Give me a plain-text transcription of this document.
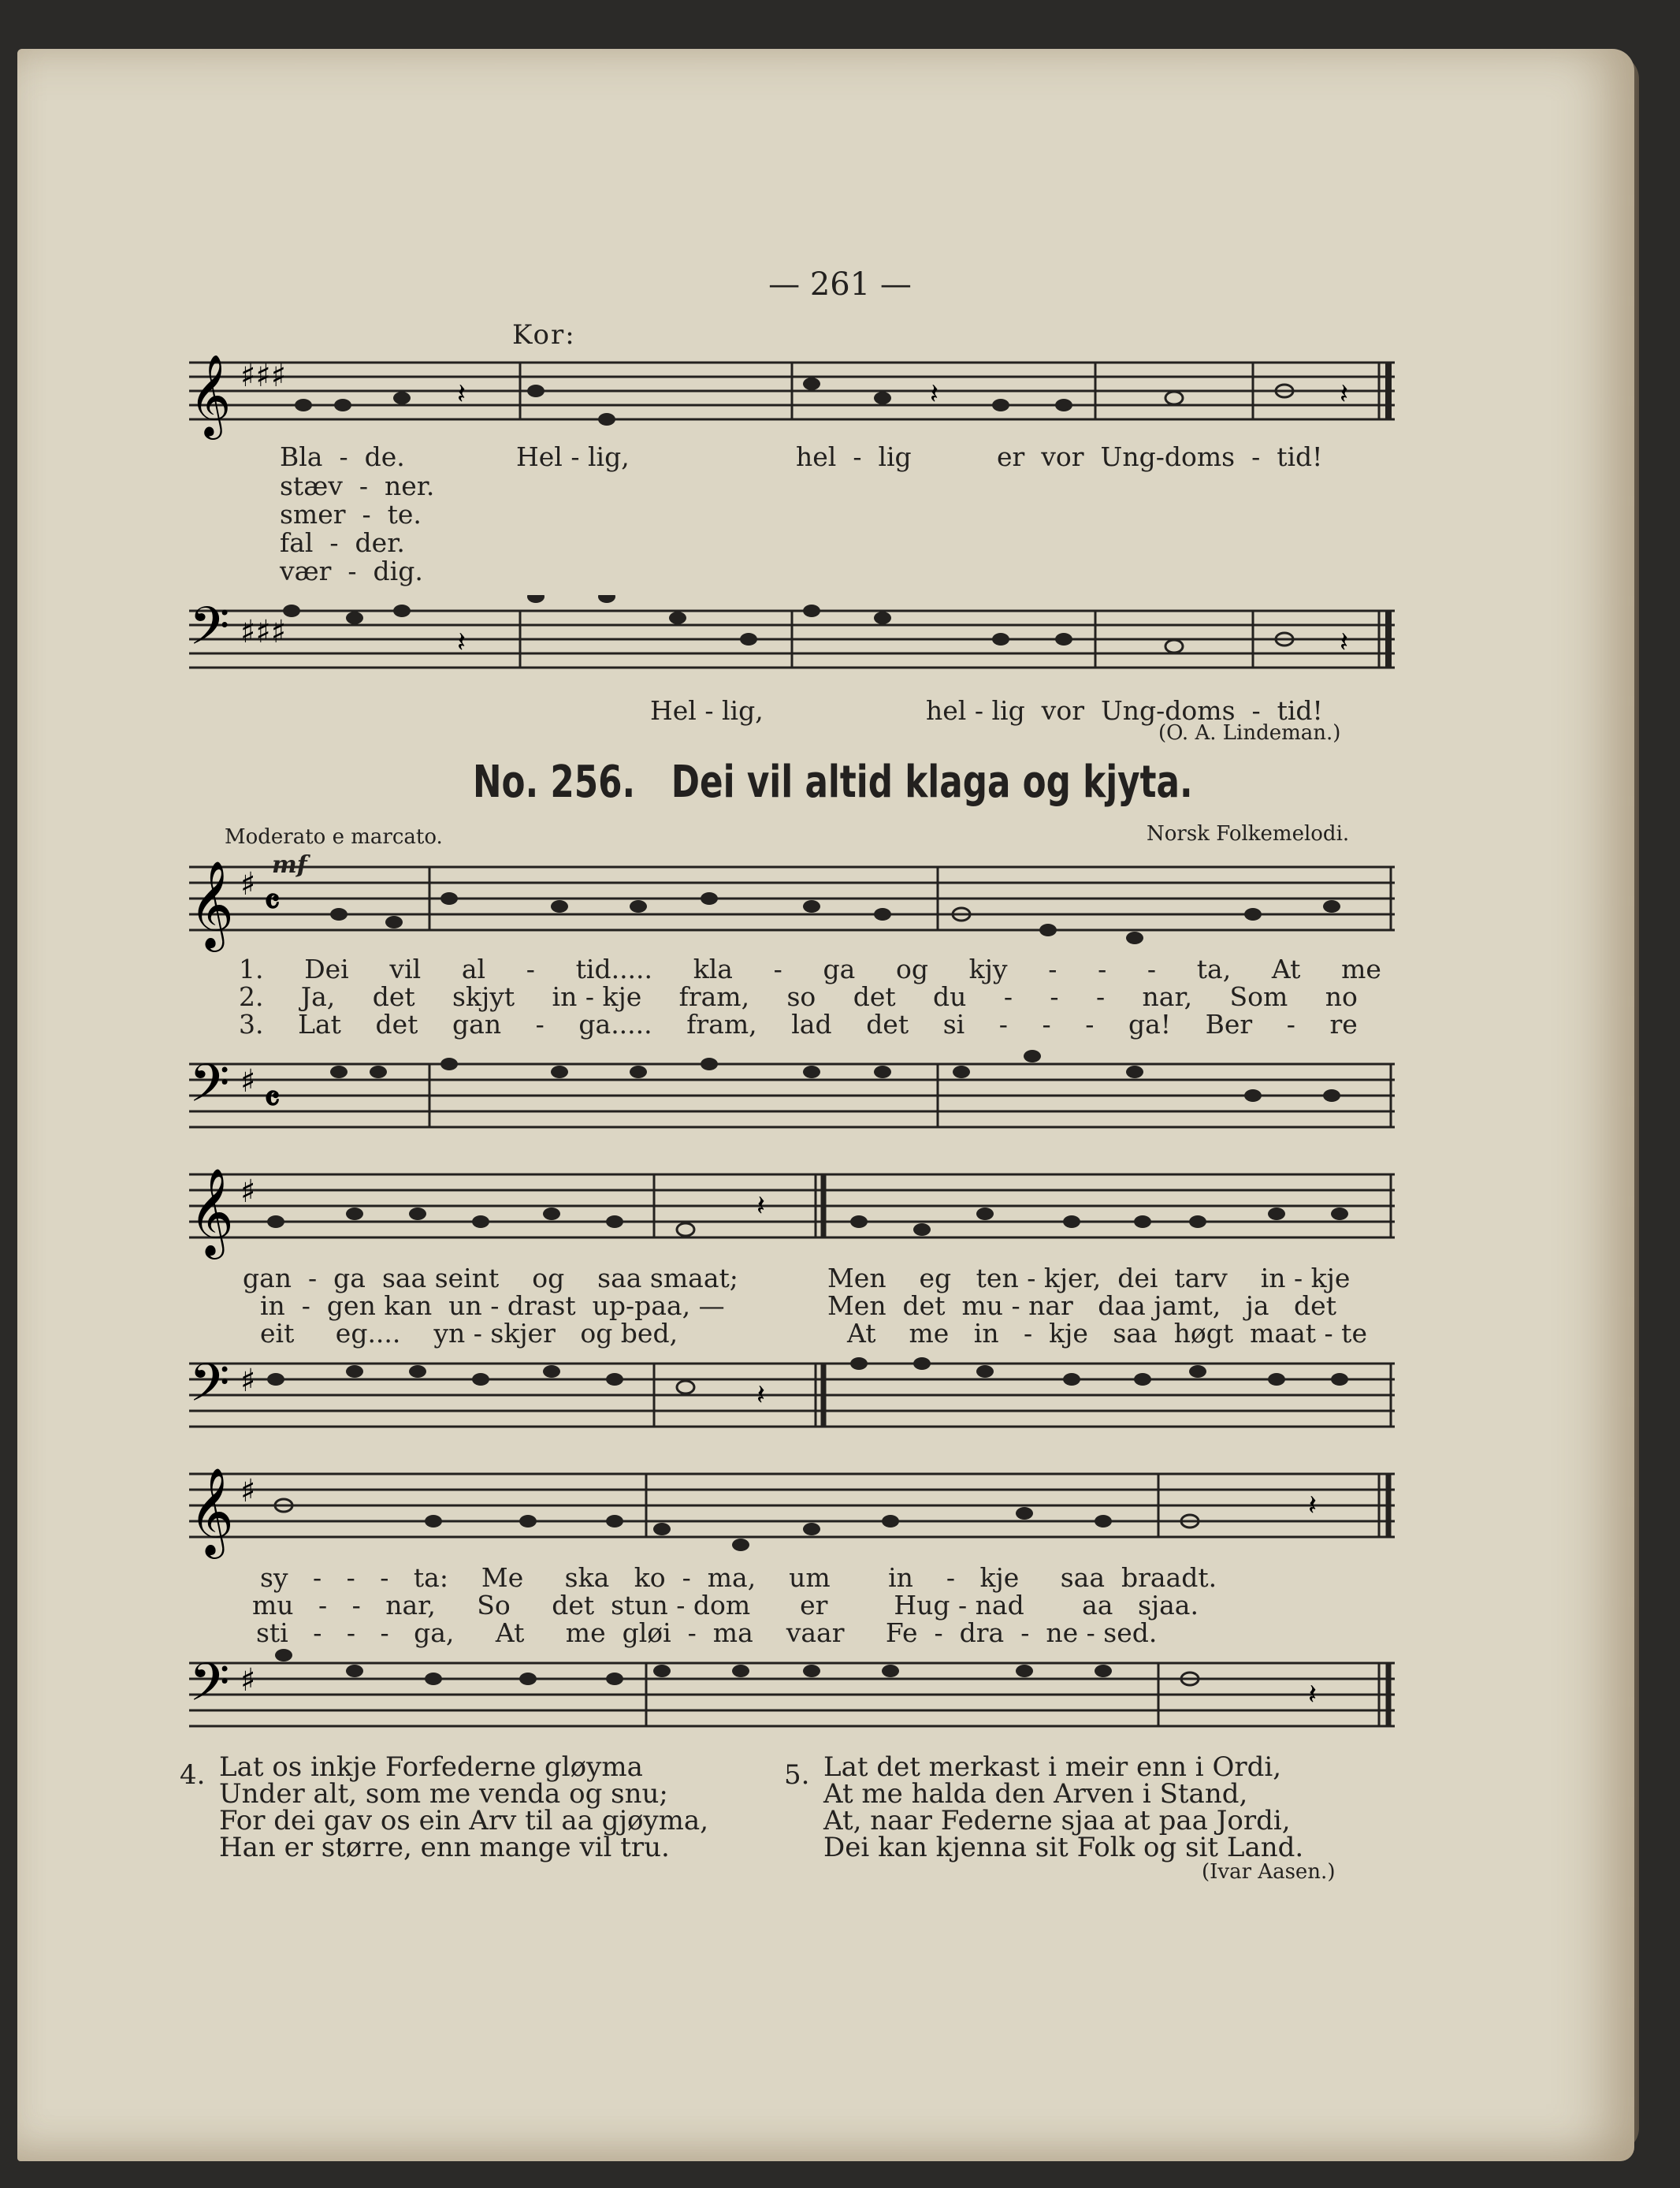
— 261 —
Kor:
𝄞 ♯♯♯
𝄽	𝄽	𝄽
Bla  -  de.	Hel - lig,	hel  -  lig	er  vor  Ung-doms  -  tid!
stæv  -  ner.
smer  -  te.
fal  -  der.
vær  -  dig.
𝄢 ♯♯♯	𝄽	𝄽
Hel - lig,	hel - lig  vor  Ung-doms  -  tid!
(O. A. Lindeman.)
No. 256.   Dei vil altid klaga og kjyta.
Moderato e marcato.	Norsk Folkemelodi.
mf
𝄞 ♯ 𝄴
1. Dei vil al - tid..... kla - ga og kjy - - - ta, At me
2. Ja, det skjyt in - kje fram, so det du - - - nar, Som no
3. Lat det gan - ga..... fram, lad det si - - - ga! Ber - re
𝄢 ♯ 𝄴
𝄞 ♯	𝄽
gan  -  ga  saa seint    og    saa smaat;
in  -  gen kan  un - drast  up-paa, —
eit     eg....    yn - skjer   og bed,
Men    eg   ten - kjer,  dei  tarv    in - kje
Men  det  mu - nar   daa jamt,   ja   det
At    me   in   -  kje   saa  høgt  maat - te
𝄢 ♯	𝄽
𝄞 ♯	𝄽
sy   -   -   -   ta:    Me     ska   ko  -  ma,    um       in    -   kje     saa  braadt.
mu   -   -   nar,     So     det  stun - dom      er        Hug - nad       aa   sjaa.
sti   -   -   -   ga,     At     me  gløi  -  ma    vaar     Fe  -  dra  -  ne - sed.
𝄢 ♯	𝄽
4. Lat os inkje Forfederne gløyma
Under alt, som me venda og snu;
For dei gav os ein Arv til aa gjøyma,
Han er større, enn mange vil tru.
5. Lat det merkast i meir enn i Ordi,
At me halda den Arven i Stand,
At, naar Federne sjaa at paa Jordi,
Dei kan kjenna sit Folk og sit Land.
(Ivar Aasen.)
